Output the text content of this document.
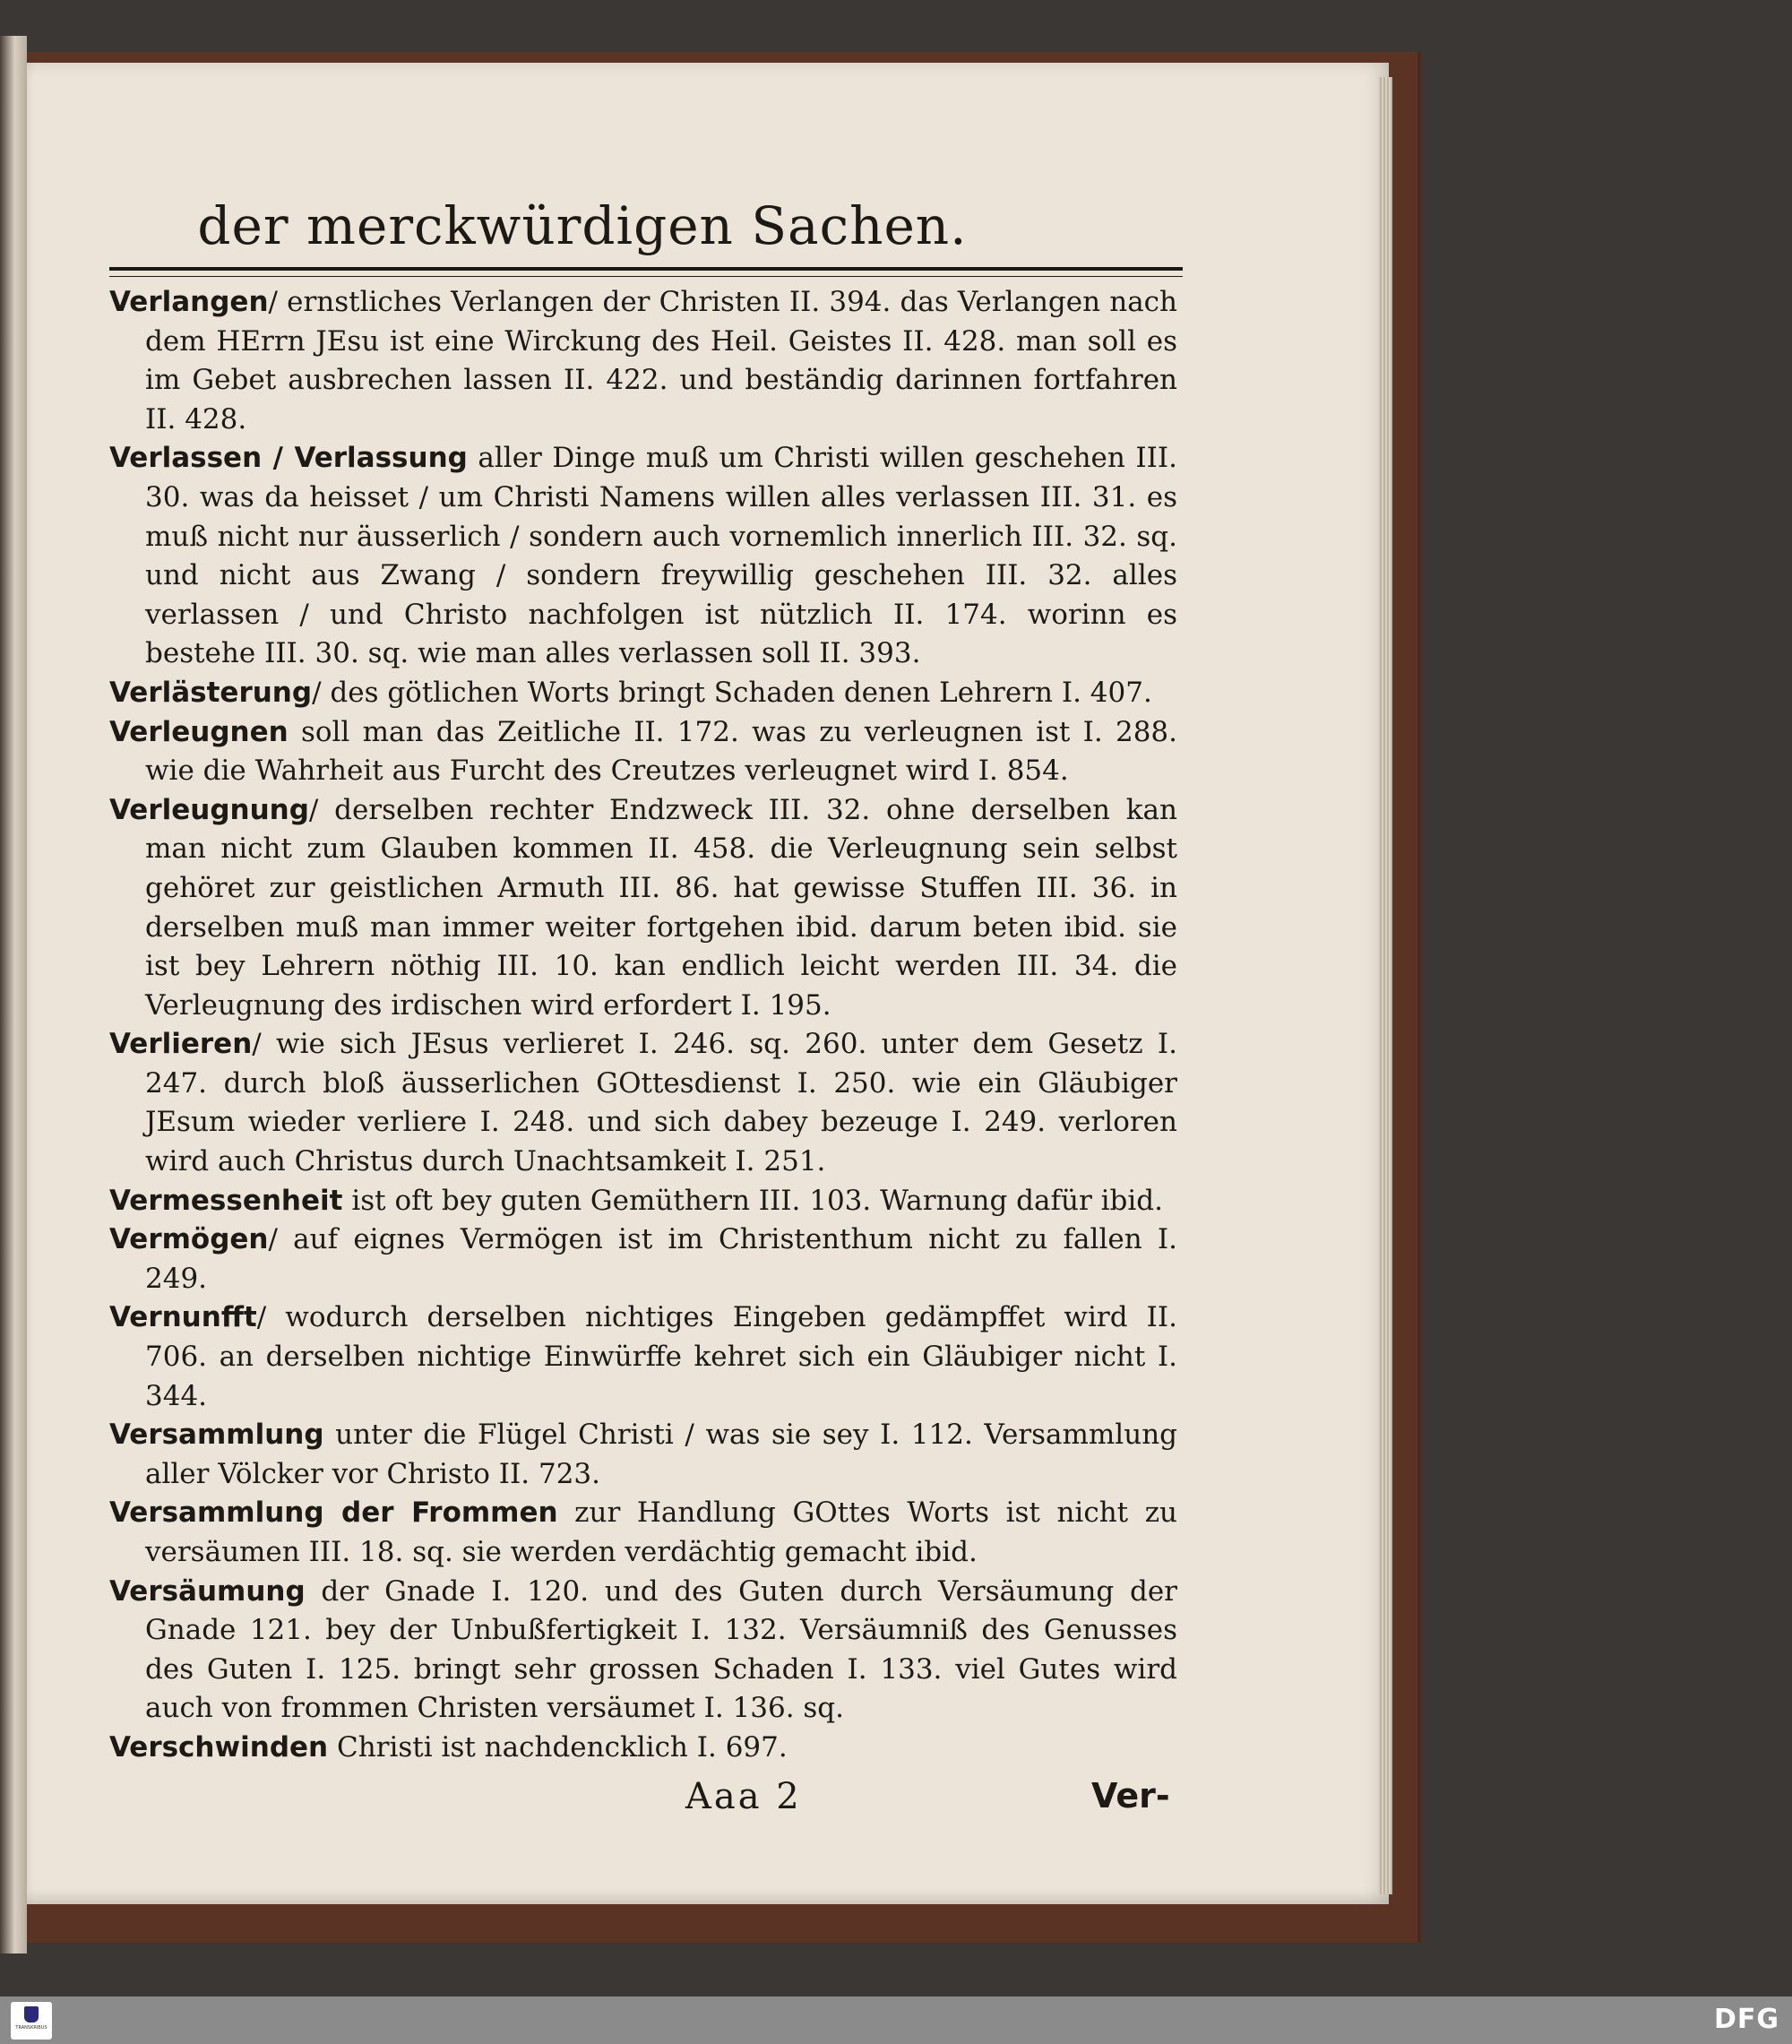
der merckwürdigen Sachen.

Verlangen/ ernstliches Verlangen der Christen II. 394. das Verlangen nach dem HErrn JEsu ist eine Wirckung des Heil. Geistes II. 428. man soll es im Gebet ausbrechen lassen II. 422. und beständig darinnen fortfahren II. 428.

Verlassen / Verlassung aller Dinge muß um Christi willen geschehen III. 30. was da heisset / um Christi Namens willen alles verlassen III. 31. es muß nicht nur äusserlich / sondern auch vornemlich innerlich III. 32. sq. und nicht aus Zwang / sondern freywillig geschehen III. 32. alles verlassen / und Christo nachfolgen ist nützlich II. 174. worinn es bestehe III. 30. sq. wie man alles verlassen soll II. 393.

Verlästerung/ des götlichen Worts bringt Schaden denen Lehrern I. 407.

Verleugnen soll man das Zeitliche II. 172. was zu verleugnen ist I. 288. wie die Wahrheit aus Furcht des Creutzes verleugnet wird I. 854.

Verleugnung/ derselben rechter Endzweck III. 32. ohne derselben kan man nicht zum Glauben kommen II. 458. die Verleugnung sein selbst gehöret zur geistlichen Armuth III. 86. hat gewisse Stuffen III. 36. in derselben muß man immer weiter fortgehen ibid. darum beten ibid. sie ist bey Lehrern nöthig III. 10. kan endlich leicht werden III. 34. die Verleugnung des irdischen wird erfordert I. 195.

Verlieren/ wie sich JEsus verlieret I. 246. sq. 260. unter dem Gesetz I. 247. durch bloß äusserlichen GOttesdienst I. 250. wie ein Gläubiger JEsum wieder verliere I. 248. und sich dabey bezeuge I. 249. verloren wird auch Christus durch Unachtsamkeit I. 251.

Vermessenheit ist oft bey guten Gemüthern III. 103. Warnung dafür ibid.

Vermögen/ auf eignes Vermögen ist im Christenthum nicht zu fallen I. 249.

Vernunfft/ wodurch derselben nichtiges Eingeben gedämpffet wird II. 706. an derselben nichtige Einwürffe kehret sich ein Gläubiger nicht I. 344.

Versammlung unter die Flügel Christi / was sie sey I. 112. Versammlung aller Völcker vor Christo II. 723.

Versammlung der Frommen zur Handlung GOttes Worts ist nicht zu versäumen III. 18. sq. sie werden verdächtig gemacht ibid.

Versäumung der Gnade I. 120. und des Guten durch Versäumung der Gnade 121. bey der Unbußfertigkeit I. 132. Versäumniß des Genusses des Guten I. 125. bringt sehr grossen Schaden I. 133. viel Gutes wird auch von frommen Christen versäumet I. 136. sq.

Verschwinden Christi ist nachdencklich I. 697.

Aaa 2	Ver-
TRANSKRIBUS	DFG
